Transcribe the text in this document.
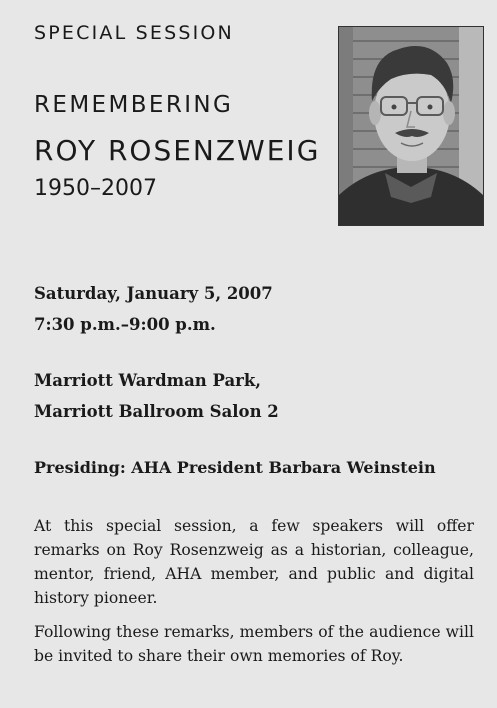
SPECIAL SESSION

REMEMBERING

ROY ROSENZWEIG

1950–2007

Saturday, January 5, 2007

7:30 p.m.–9:00 p.m.

Marriott Wardman Park,

Marriott Ballroom Salon 2

Presiding: AHA President Barbara Weinstein

At this special session, a few speakers will offer remarks on Roy Rosenzweig as a historian, colleague, mentor, friend, AHA member, and public and digital history pioneer.

Following these remarks, members of the audience will be invited to share their own memories of Roy.
